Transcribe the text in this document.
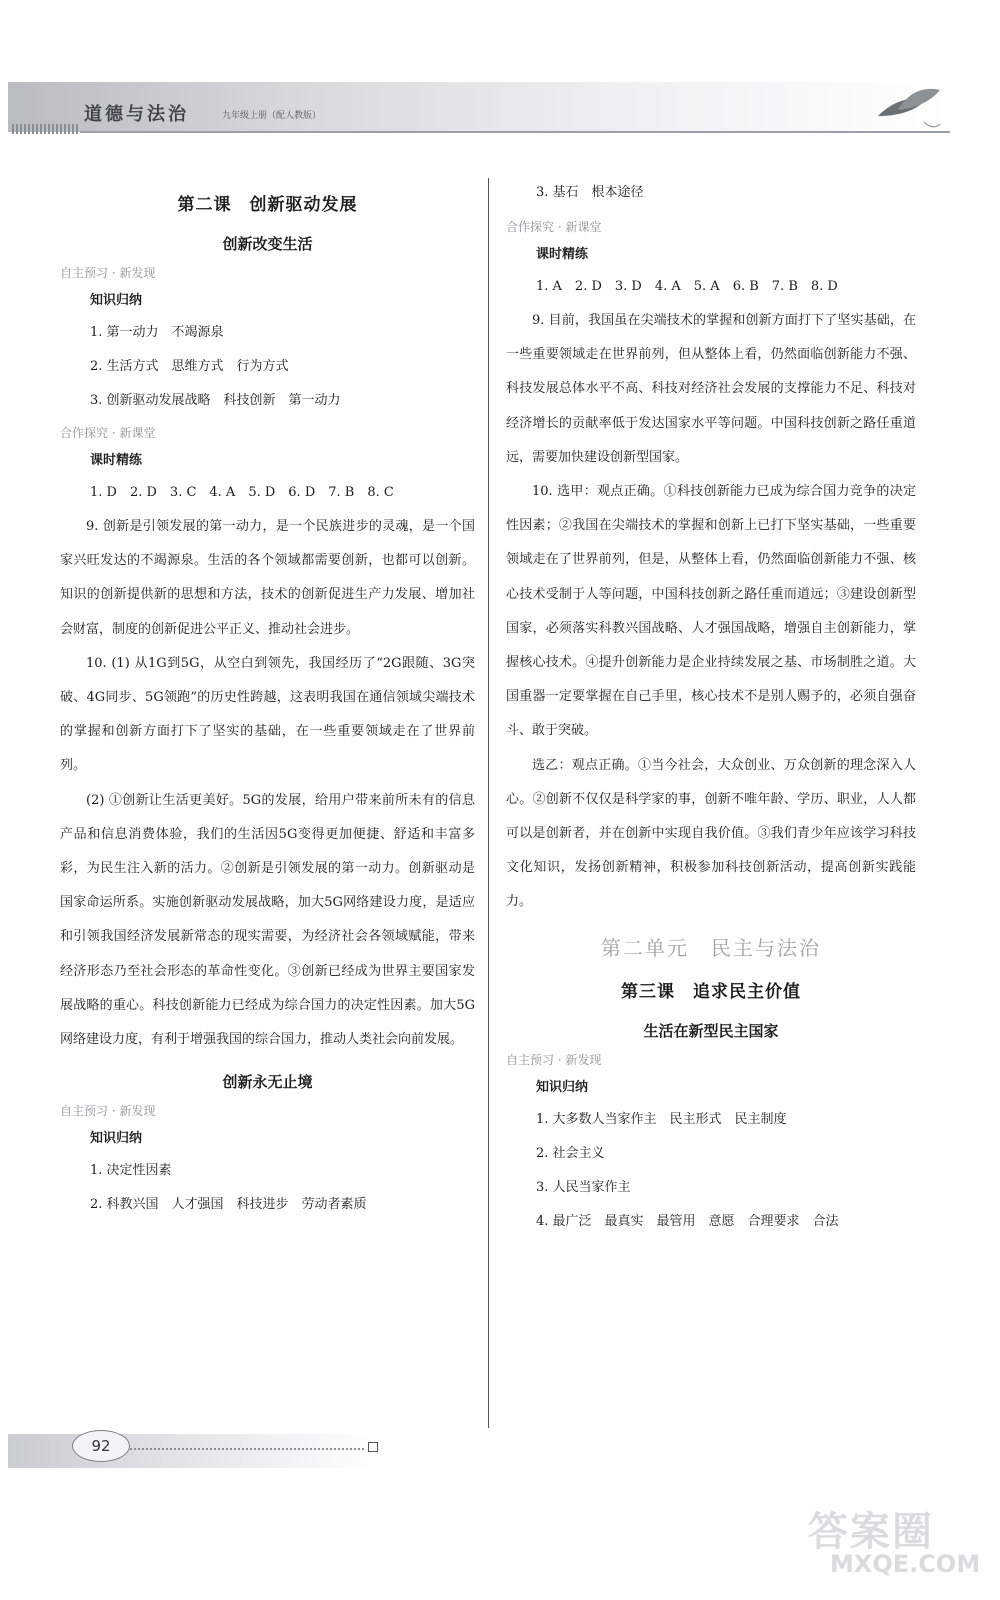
道德与法治	九年级上册（配人教版）
第二课　创新驱动发展
创新改变生活
自主预习 · 新发现
知识归纳
1. 第一动力　不竭源泉
2. 生活方式　思维方式　行为方式
3. 创新驱动发展战略　科技创新　第一动力
合作探究 · 新课堂
课时精练
1. D　2. D　3. C　4. A　5. D　6. D　7. B　8. C

9. 创新是引领发展的第一动力，是一个民族进步的灵魂，是一个国家兴旺发达的不竭源泉。生活的各个领域都需要创新，也都可以创新。知识的创新提供新的思想和方法，技术的创新促进生产力发展、增加社会财富，制度的创新促进公平正义、推动社会进步。

10. (1) 从1G到5G，从空白到领先，我国经历了“2G跟随、3G突破、4G同步、5G领跑”的历史性跨越，这表明我国在通信领域尖端技术的掌握和创新方面打下了坚实的基础，在一些重要领域走在了世界前列。

(2) ①创新让生活更美好。5G的发展，给用户带来前所未有的信息产品和信息消费体验，我们的生活因5G变得更加便捷、舒适和丰富多彩，为民生注入新的活力。②创新是引领发展的第一动力。创新驱动是国家命运所系。实施创新驱动发展战略，加大5G网络建设力度，是适应和引领我国经济发展新常态的现实需要，为经济社会各领域赋能，带来经济形态乃至社会形态的革命性变化。③创新已经成为世界主要国家发展战略的重心。科技创新能力已经成为综合国力的决定性因素。加大5G网络建设力度，有利于增强我国的综合国力，推动人类社会向前发展。

创新永无止境
自主预习 · 新发现
知识归纳
1. 决定性因素
2. 科教兴国　人才强国　科技进步　劳动者素质
3. 基石　根本途径
合作探究 · 新课堂
课时精练
1. A　2. D　3. D　4. A　5. A　6. B　7. B　8. D

9. 目前，我国虽在尖端技术的掌握和创新方面打下了坚实基础，在一些重要领域走在世界前列，但从整体上看，仍然面临创新能力不强、科技发展总体水平不高、科技对经济社会发展的支撑能力不足、科技对经济增长的贡献率低于发达国家水平等问题。中国科技创新之路任重道远，需要加快建设创新型国家。

10. 选甲：观点正确。①科技创新能力已成为综合国力竞争的决定性因素；②我国在尖端技术的掌握和创新上已打下坚实基础，一些重要领域走在了世界前列，但是，从整体上看，仍然面临创新能力不强、核心技术受制于人等问题，中国科技创新之路任重而道远；③建设创新型国家，必须落实科教兴国战略、人才强国战略，增强自主创新能力，掌握核心技术。④提升创新能力是企业持续发展之基、市场制胜之道。大国重器一定要掌握在自己手里，核心技术不是别人赐予的，必须自强奋斗、敢于突破。

选乙：观点正确。①当今社会，大众创业、万众创新的理念深入人心。②创新不仅仅是科学家的事，创新不唯年龄、学历、职业，人人都可以是创新者，并在创新中实现自我价值。③我们青少年应该学习科技文化知识，发扬创新精神，积极参加科技创新活动，提高创新实践能力。

第二单元　民主与法治
第三课　追求民主价值
生活在新型民主国家
自主预习 · 新发现
知识归纳
1. 大多数人当家作主　民主形式　民主制度
2. 社会主义
3. 人民当家作主
4. 最广泛　最真实　最管用　意愿　合理要求　合法
92
答案圈
MXQE.COM
